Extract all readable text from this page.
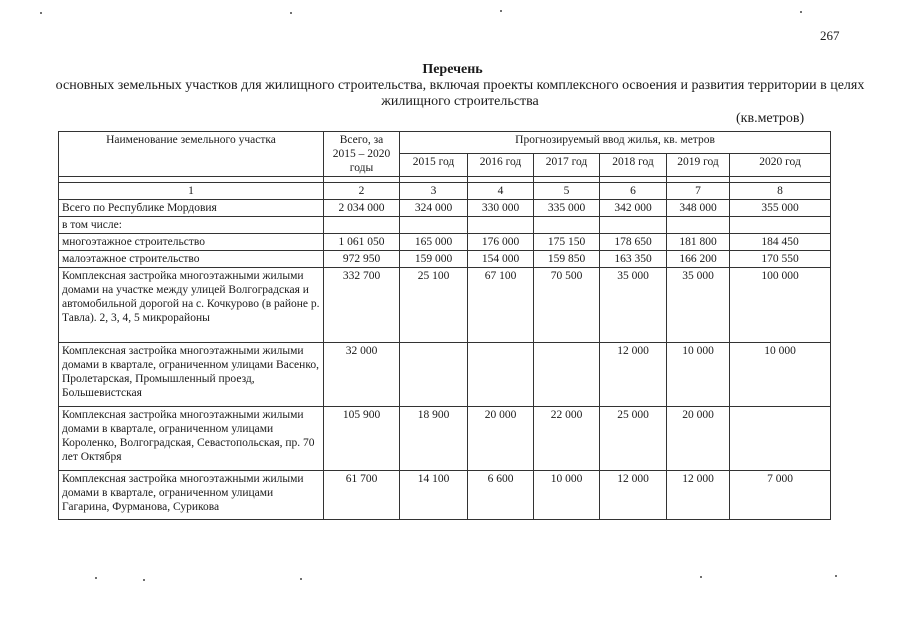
267
Перечень
основных земельных участков для жилищного строительства, включая проекты комплексного освоения и развития территории в целях жилищного строительства
(кв.метров)
Наименование земельного участка	Всего, за 2015 – 2020 годы	Прогнозируемый ввод жилья, кв. метров					
		2015 год	2016 год	2017 год	2018 год	2019 год	2020 год

1	2	3	4	5	6	7	8
Всего по Республике Мордовия	2 034 000	324 000	330 000	335 000	342 000	348 000	355 000
в том числе:							
многоэтажное строительство	1 061 050	165 000	176 000	175 150	178 650	181 800	184 450
малоэтажное строительство	972 950	159 000	154 000	159 850	163 350	166 200	170 550
Комплексная застройка многоэтажными жилыми домами на участке между улицей Волгоградская и автомобильной дорогой на с. Кочкурово (в районе р. Тавла). 2, 3, 4, 5 микрорайоны	332 700	25 100	67 100	70 500	35 000	35 000	100 000
Комплексная застройка многоэтажными жилыми домами в квартале, ограниченном улицами Васенко, Пролетарская, Промышленный проезд, Большевистская	32 000				12 000	10 000	10 000
Комплексная застройка многоэтажными жилыми домами в квартале, ограниченном улицами Короленко, Волгоградская, Севастопольская, пр. 70 лет Октября	105 900	18 900	20 000	22 000	25 000	20 000	
Комплексная застройка многоэтажными жилыми домами в квартале, ограниченном улицами Гагарина, Фурманова, Сурикова	61 700	14 100	6 600	10 000	12 000	12 000	7 000
